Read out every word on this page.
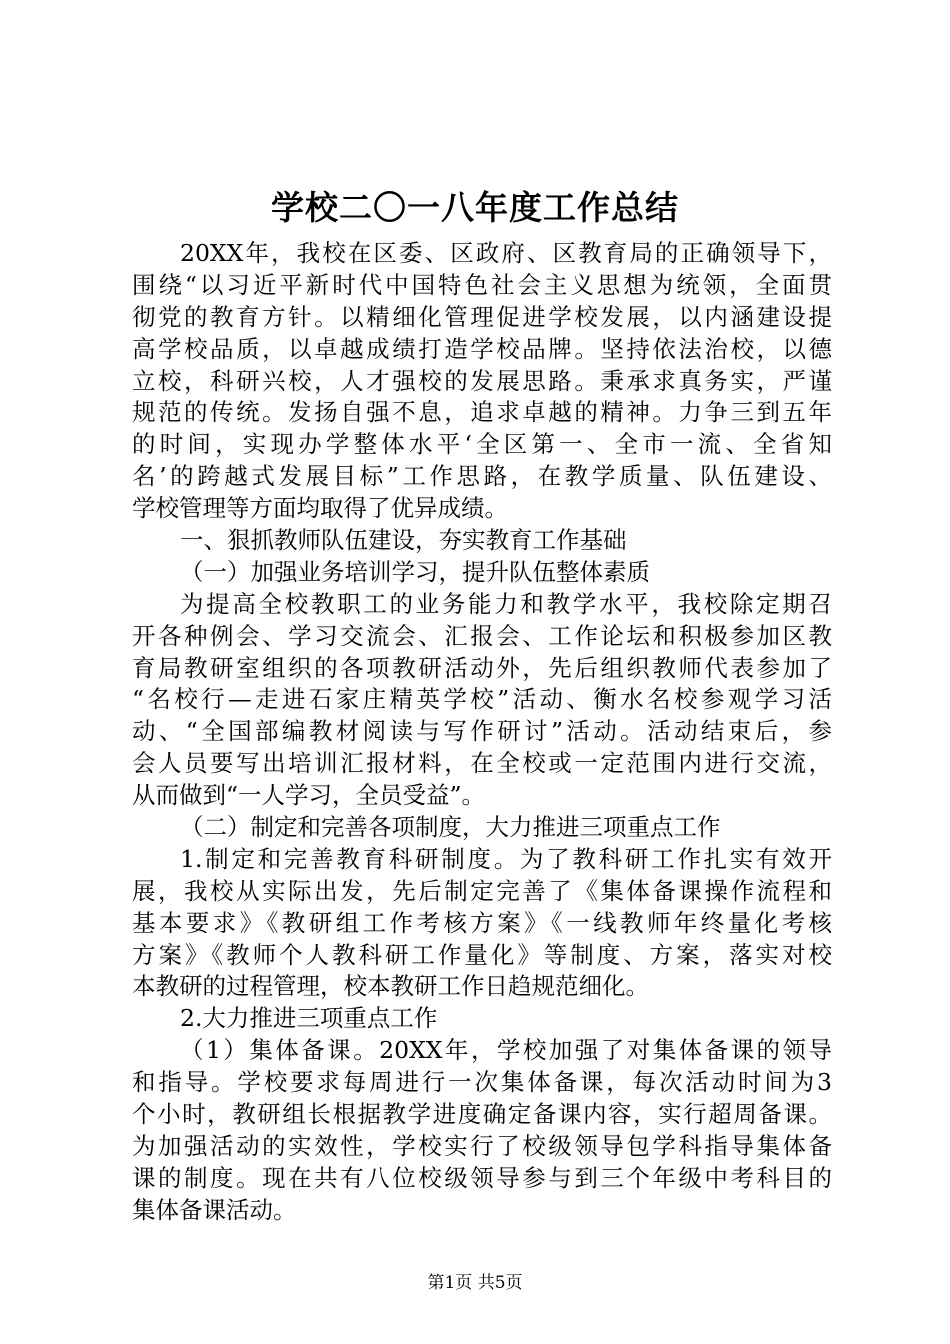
学校二〇一八年度工作总结
20XX年，我校在区委、区政府、区教育局的正确领导下，
围绕“以习近平新时代中国特色社会主义思想为统领，全面贯
彻党的教育方针。以精细化管理促进学校发展，以内涵建设提
高学校品质，以卓越成绩打造学校品牌。坚持依法治校，以德
立校，科研兴校，人才强校的发展思路。秉承求真务实，严谨
规范的传统。发扬自强不息，追求卓越的精神。力争三到五年
的时间，实现办学整体水平‘全区第一、全市一流、全省知
名’的跨越式发展目标”工作思路，在教学质量、队伍建设、
学校管理等方面均取得了优异成绩。
一、狠抓教师队伍建设，夯实教育工作基础
（一）加强业务培训学习，提升队伍整体素质
为提高全校教职工的业务能力和教学水平，我校除定期召
开各种例会、学习交流会、汇报会、工作论坛和积极参加区教
育局教研室组织的各项教研活动外，先后组织教师代表参加了
“名校行—走进石家庄精英学校”活动、衡水名校参观学习活
动、“全国部编教材阅读与写作研讨”活动。活动结束后，参
会人员要写出培训汇报材料，在全校或一定范围内进行交流，
从而做到“一人学习，全员受益”。
（二）制定和完善各项制度，大力推进三项重点工作
1.制定和完善教育科研制度。为了教科研工作扎实有效开
展，我校从实际出发，先后制定完善了《集体备课操作流程和
基本要求》《教研组工作考核方案》《一线教师年终量化考核
方案》《教师个人教科研工作量化》等制度、方案，落实对校
本教研的过程管理，校本教研工作日趋规范细化。
2.大力推进三项重点工作
（1）集体备课。20XX年，学校加强了对集体备课的领导
和指导。学校要求每周进行一次集体备课，每次活动时间为3
个小时，教研组长根据教学进度确定备课内容，实行超周备课。
为加强活动的实效性，学校实行了校级领导包学科指导集体备
课的制度。现在共有八位校级领导参与到三个年级中考科目的
集体备课活动。
第1页 共5页
